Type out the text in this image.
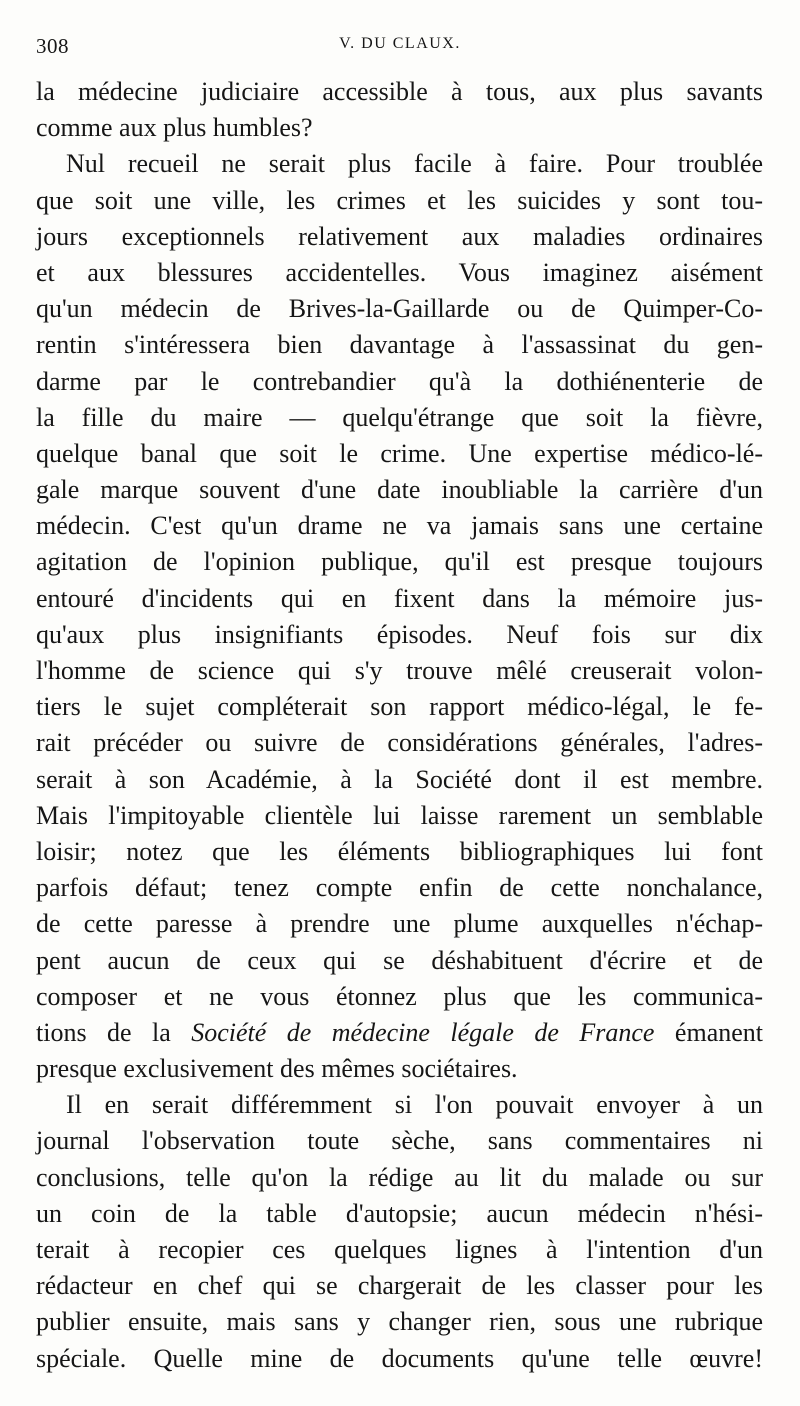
308	V. DU CLAUX.
la médecine judiciaire accessible à tous, aux plus savants
comme aux plus humbles?
Nul recueil ne serait plus facile à faire. Pour troublée
que soit une ville, les crimes et les suicides y sont tou-
jours exceptionnels relativement aux maladies ordinaires
et aux blessures accidentelles. Vous imaginez aisément
qu'un médecin de Brives-la-Gaillarde ou de Quimper-Co-
rentin s'intéressera bien davantage à l'assassinat du gen-
darme par le contrebandier qu'à la dothiénenterie de
la fille du maire — quelqu'étrange que soit la fièvre,
quelque banal que soit le crime. Une expertise médico-lé-
gale marque souvent d'une date inoubliable la carrière d'un
médecin. C'est qu'un drame ne va jamais sans une certaine
agitation de l'opinion publique, qu'il est presque toujours
entouré d'incidents qui en fixent dans la mémoire jus-
qu'aux plus insignifiants épisodes. Neuf fois sur dix
l'homme de science qui s'y trouve mêlé creuserait volon-
tiers le sujet compléterait son rapport médico-légal, le fe-
rait précéder ou suivre de considérations générales, l'adres-
serait à son Académie, à la Société dont il est membre.
Mais l'impitoyable clientèle lui laisse rarement un semblable
loisir; notez que les éléments bibliographiques lui font
parfois défaut; tenez compte enfin de cette nonchalance,
de cette paresse à prendre une plume auxquelles n'échap-
pent aucun de ceux qui se déshabituent d'écrire et de
composer et ne vous étonnez plus que les communica-
tions de la Société de médecine légale de France émanent
presque exclusivement des mêmes sociétaires.
Il en serait différemment si l'on pouvait envoyer à un
journal l'observation toute sèche, sans commentaires ni
conclusions, telle qu'on la rédige au lit du malade ou sur
un coin de la table d'autopsie; aucun médecin n'hési-
terait à recopier ces quelques lignes à l'intention d'un
rédacteur en chef qui se chargerait de les classer pour les
publier ensuite, mais sans y changer rien, sous une rubrique
spéciale. Quelle mine de documents qu'une telle œuvre!
